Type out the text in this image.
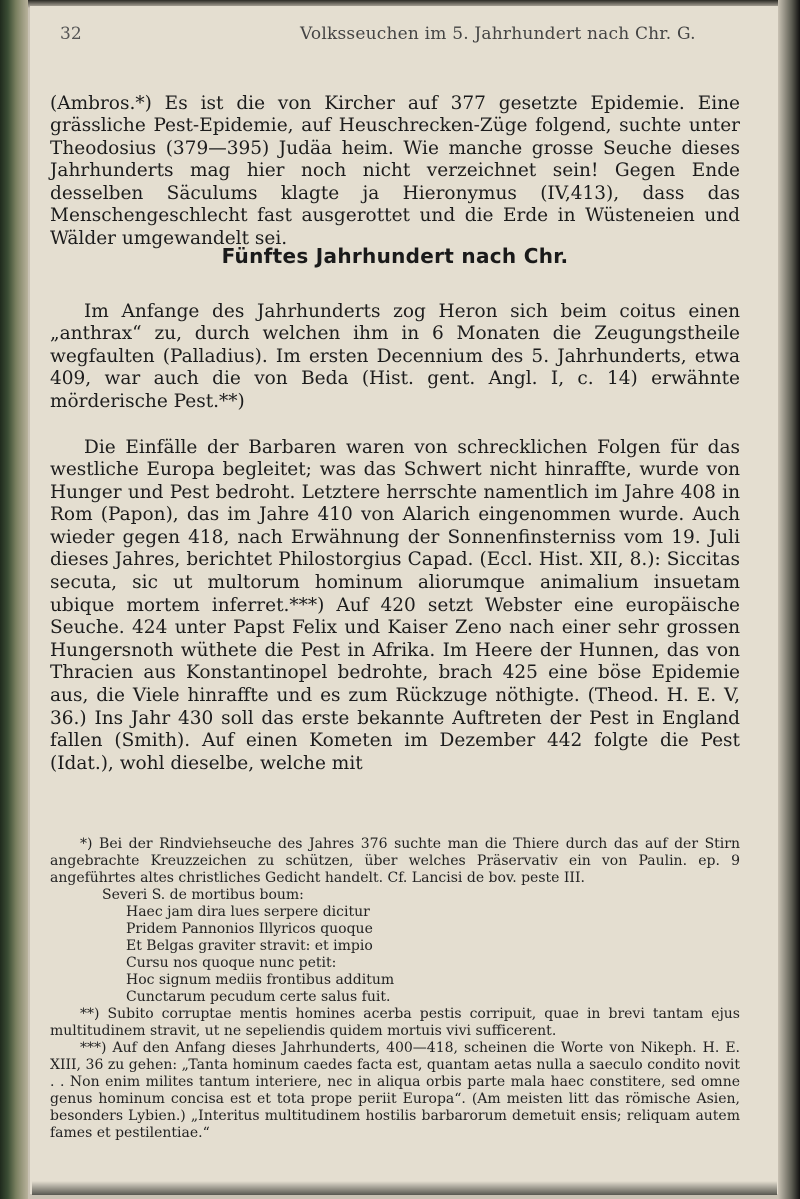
32	Volksseuchen im 5. Jahrhundert nach Chr. G.

(Ambros.*) Es ist die von Kircher auf 377 gesetzte Epidemie. Eine grässliche Pest-Epidemie, auf Heuschrecken-Züge folgend, suchte unter Theodosius (379—395) Judäa heim. Wie manche grosse Seuche dieses Jahrhunderts mag hier noch nicht verzeichnet sein! Gegen Ende desselben Säculums klagte ja Hieronymus (IV,413), dass das Menschengeschlecht fast ausgerottet und die Erde in Wüsteneien und Wälder umgewandelt sei.

Fünftes Jahrhundert nach Chr.

Im Anfange des Jahrhunderts zog Heron sich beim coitus einen „anthrax“ zu, durch welchen ihm in 6 Monaten die Zeugungstheile wegfaulten (Palladius). Im ersten Decennium des 5. Jahrhunderts, etwa 409, war auch die von Beda (Hist. gent. Angl. I, c. 14) erwähnte mörderische Pest.**)

Die Einfälle der Barbaren waren von schrecklichen Folgen für das westliche Europa begleitet; was das Schwert nicht hinraffte, wurde von Hunger und Pest bedroht. Letztere herrschte namentlich im Jahre 408 in Rom (Papon), das im Jahre 410 von Alarich eingenommen wurde. Auch wieder gegen 418, nach Erwähnung der Sonnenfinsterniss vom 19. Juli dieses Jahres, berichtet Philostorgius Capad. (Eccl. Hist. XII, 8.): Siccitas secuta, sic ut multorum hominum aliorumque animalium insuetam ubique mortem inferret.***) Auf 420 setzt Webster eine europäische Seuche. 424 unter Papst Felix und Kaiser Zeno nach einer sehr grossen Hungersnoth wüthete die Pest in Afrika. Im Heere der Hunnen, das von Thracien aus Konstantinopel bedrohte, brach 425 eine böse Epidemie aus, die Viele hinraffte und es zum Rückzuge nöthigte. (Theod. H. E. V, 36.) Ins Jahr 430 soll das erste bekannte Auftreten der Pest in England fallen (Smith). Auf einen Kometen im Dezember 442 folgte die Pest (Idat.), wohl dieselbe, welche mit

*) Bei der Rindviehseuche des Jahres 376 suchte man die Thiere durch das auf der Stirn angebrachte Kreuzzeichen zu schützen, über welches Präservativ ein von Paulin. ep. 9 angeführtes altes christliches Gedicht handelt. Cf. Lancisi de bov. peste III.

Severi S. de mortibus boum:

Haec jam dira lues serpere dicitur

Pridem Pannonios Illyricos quoque

Et Belgas graviter stravit: et impio

Cursu nos quoque nunc petit:

Hoc signum mediis frontibus additum

Cunctarum pecudum certe salus fuit.

**) Subito corruptae mentis homines acerba pestis corripuit, quae in brevi tantam ejus multitudinem stravit, ut ne sepeliendis quidem mortuis vivi sufficerent.

***) Auf den Anfang dieses Jahrhunderts, 400—418, scheinen die Worte von Nikeph. H. E. XIII, 36 zu gehen: „Tanta hominum caedes facta est, quantam aetas nulla a saeculo condito novit . . Non enim milites tantum interiere, nec in aliqua orbis parte mala haec constitere, sed omne genus hominum concisa est et tota prope periit Europa“. (Am meisten litt das römische Asien, besonders Lybien.) „Interitus multitudinem hostilis barbarorum demetuit ensis; reliquam autem fames et pestilentiae.“
